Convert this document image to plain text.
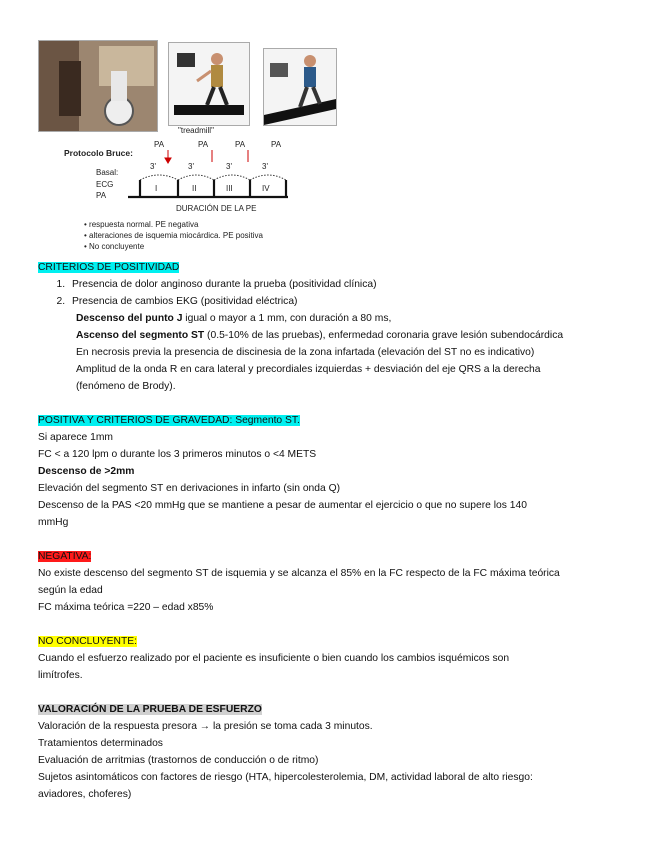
"treadmill"
Protocolo Bruce:
Basal:
ECG
PA
PA	PA	PA	PA
3'	3'	3'	3'
I	II	III	IV
DURACIÓN DE LA PE
• respuesta normal. PE negativa
• alteraciones de isquemia miocárdica. PE positiva
• No concluyente

CRITERIOS DE POSITIVIDAD

1. Presencia de dolor anginoso durante la prueba (positividad clínica)
2. Presencia de cambios EKG (positividad eléctrica)

Descenso del punto J igual o mayor a 1 mm, con duración a 80 ms,

Ascenso del segmento ST (0.5-10% de las pruebas), enfermedad coronaria grave lesión subendocárdica

En necrosis previa la presencia de discinesia de la zona infartada (elevación del ST no es indicativo)

Amplitud de la onda R en cara lateral y precordiales izquierdas + desviación del eje QRS a la derecha

(fenómeno de Brody).

POSITIVA Y CRITERIOS DE GRAVEDAD: Segmento ST.

Si aparece 1mm

FC < a 120 lpm o durante los 3 primeros minutos o <4 METS

Descenso de >2mm

Elevación del segmento ST en derivaciones in infarto (sin onda Q)

Descenso de la PAS <20 mmHg que se mantiene a pesar de aumentar el ejercicio o que no supere los 140

mmHg

NEGATIVA:

No existe descenso del segmento ST de isquemia y se alcanza el 85% en la FC respecto de la FC máxima teórica

según la edad

FC máxima teórica =220 – edad x85%

NO CONCLUYENTE:

Cuando el esfuerzo realizado por el paciente es insuficiente o bien cuando los cambios isquémicos son

limítrofes.

VALORACIÓN DE LA PRUEBA DE ESFUERZO

Valoración de la respuesta presora → la presión se toma cada 3 minutos.

Tratamientos determinados

Evaluación de arritmias (trastornos de conducción o de ritmo)

Sujetos asintomáticos con factores de riesgo (HTA, hipercolesterolemia, DM, actividad laboral de alto riesgo:

aviadores, choferes)
